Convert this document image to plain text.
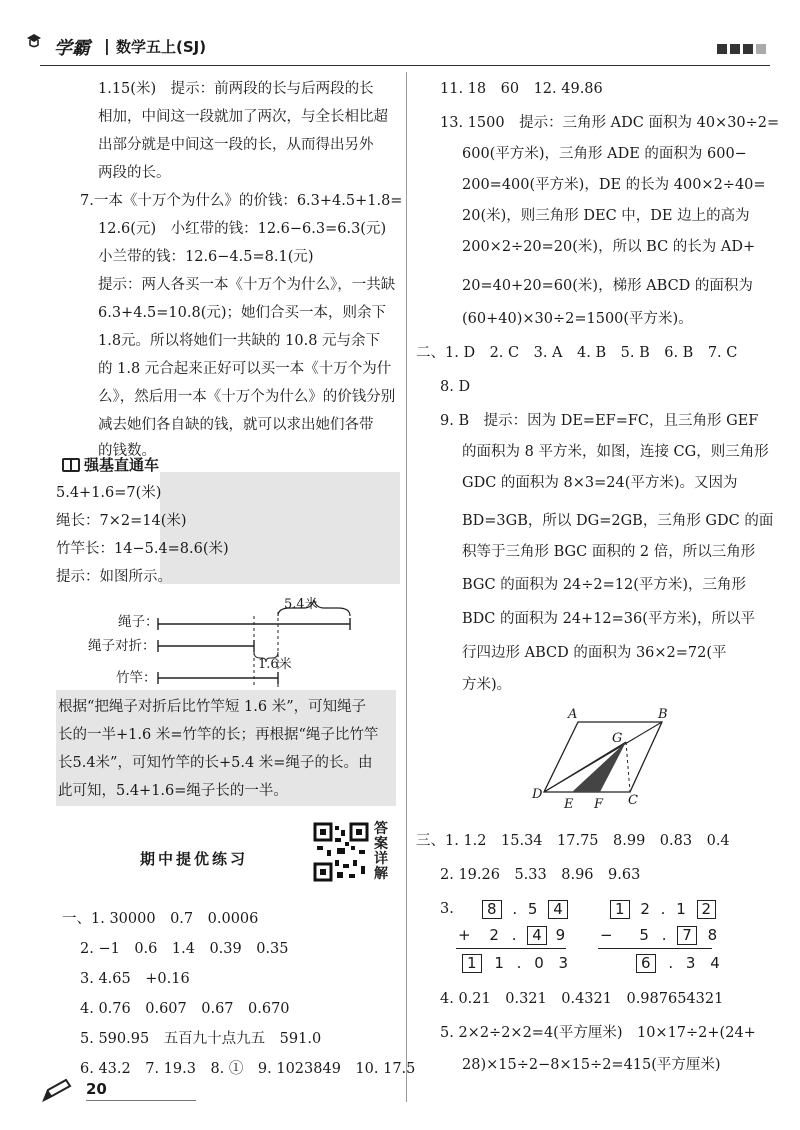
学霸 | 数学五上(SJ)
1.15(米)　提示：前两段的长与后两段的长
相加，中间这一段就加了两次，与全长相比超
出部分就是中间这一段的长，从而得出另外
两段的长。
7.一本《十万个为什么》的价钱：6.3+4.5+1.8=
12.6(元)　小红带的钱：12.6−6.3=6.3(元)
小兰带的钱：12.6−4.5=8.1(元)
提示：两人各买一本《十万个为什么》，一共缺
6.3+4.5=10.8(元)；她们合买一本，则余下
1.8元。所以将她们一共缺的 10.8 元与余下
的 1.8 元合起来正好可以买一本《十万个为什
么》，然后用一本《十万个为什么》的价钱分别
减去她们各自缺的钱，就可以求出她们各带
的钱数。
强基直通车
5.4+1.6=7(米)
绳长：7×2=14(米)
竹竿长：14−5.4=8.6(米)
提示：如图所示。
绳子：
绳子对折：
竹竿：
5.4米
1.6米
根据“把绳子对折后比竹竿短 1.6 米”，可知绳子
长的一半+1.6 米=竹竿的长；再根据“绳子比竹竿
长5.4米”，可知竹竿的长+5.4 米=绳子的长。由
此可知，5.4+1.6=绳子长的一半。
期中提优练习
答案详解
一、1. 30000　0.7　0.0006
2. −1　0.6　1.4　0.39　0.35
3. 4.65　+0.16
4. 0.76　0.607　0.67　0.670
5. 590.95　五百九十点九五　591.0
6. 43.2　7. 19.3　8. ①　9. 1023849　10. 17.5
20
11. 18　60　12. 49.86
13. 1500　提示：三角形 ADC 面积为 40×30÷2=
600(平方米)，三角形 ADE 的面积为 600−
200=400(平方米)，DE 的长为 400×2÷40=
20(米)，则三角形 DEC 中，DE 边上的高为
200×2÷20=20(米)，所以 BC 的长为 AD+
20=40+20=60(米)，梯形 ABCD 的面积为
(60+40)×30÷2=1500(平方米)。
二、1. D　2. C　3. A　4. B　5. B　6. B　7. C
8. D
9. B　提示：因为 DE=EF=FC，且三角形 GEF
的面积为 8 平方米，如图，连接 CG，则三角形
GDC 的面积为 8×3=24(平方米)。又因为
BD=3GB，所以 DG=2GB，三角形 GDC 的面
积等于三角形 BGC 面积的 2 倍，所以三角形
BGC 的面积为 24÷2=12(平方米)，三角形
BDC 的面积为 24+12=36(平方米)，所以平
行四边形 ABCD 的面积为 36×2=72(平
方米)。
A	B
G
D
E F C
三、1. 1.2　15.34　17.75　8.99　0.83　0.4
2. 19.26　5.33　8.96　9.63
3.	8 . 5 4
+ 2 . 4 9
1 1 . 0 3
1 2 . 1 2
− 5 . 7 8
6 . 3 4
4. 0.21　0.321　0.4321　0.987654321
5. 2×2÷2×2=4(平方厘米)　10×17÷2+(24+
28)×15÷2−8×15÷2=415(平方厘米)
